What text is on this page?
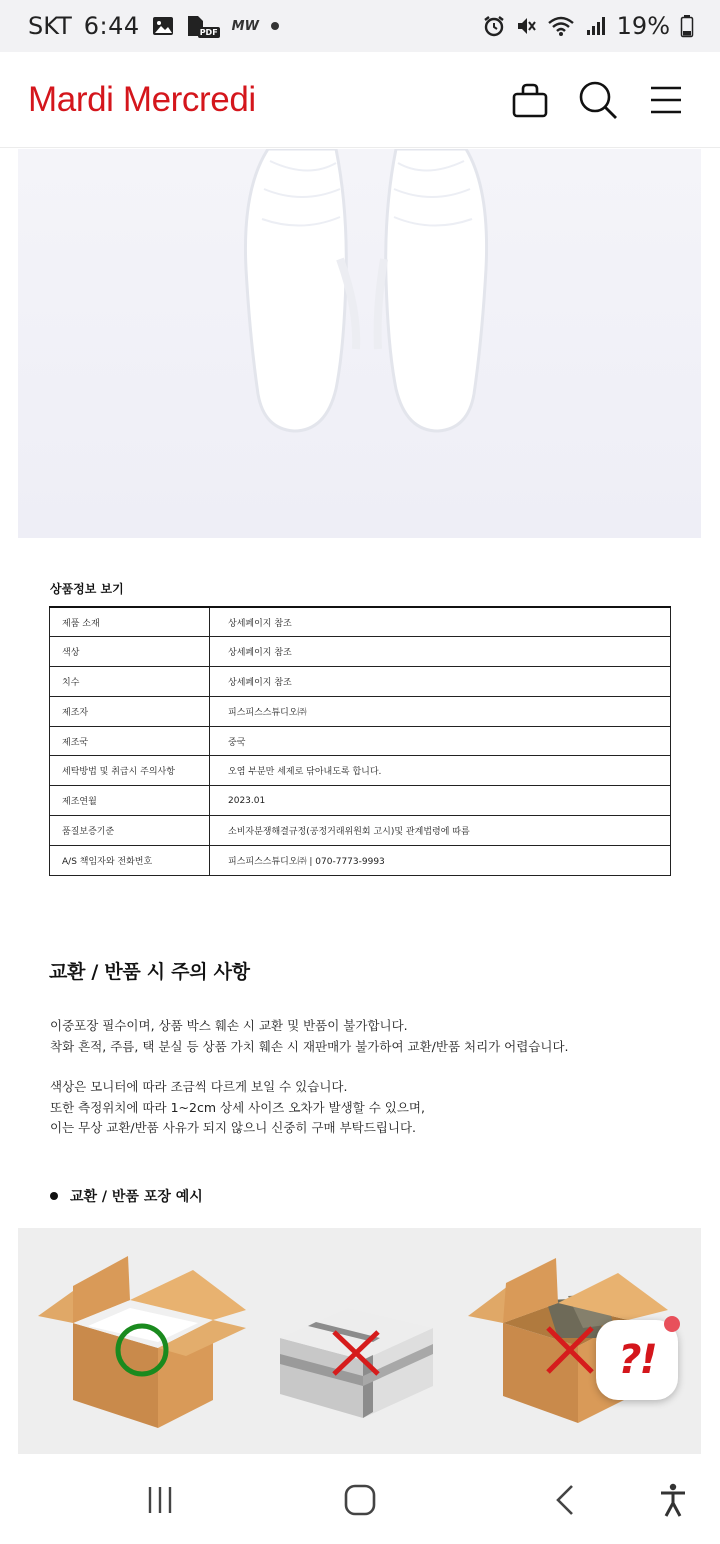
SKT 6:44	PDF MW	19%
Mardi Mercredi
상품정보 보기
제품 소재	상세페이지 참조
색상	상세페이지 참조
치수	상세페이지 참조
제조자	피스피스스튜디오㈜
제조국	중국
세탁방법 및 취급시 주의사항	오염 부분만 세제로 닦아내도록 합니다.
제조연월	2023.01
품질보증기준	소비자분쟁해결규정(공정거래위원회 고시)및 관계법령에 따름
A/S 책임자와 전화번호	피스피스스튜디오㈜ | 070-7773-9993
교환 / 반품 시 주의 사항
이중포장 필수이며, 상품 박스 훼손 시 교환 및 반품이 불가합니다.
착화 흔적, 주름, 택 분실 등 상품 가치 훼손 시 재판매가 불가하여 교환/반품 처리가 어렵습니다.
색상은 모니터에 따라 조금씩 다르게 보일 수 있습니다.
또한 측정위치에 따라 1~2cm 상세 사이즈 오차가 발생할 수 있으며,
이는 무상 교환/반품 사유가 되지 않으니 신중히 구매 부탁드립니다.
교환 / 반품 포장 예시
?!
